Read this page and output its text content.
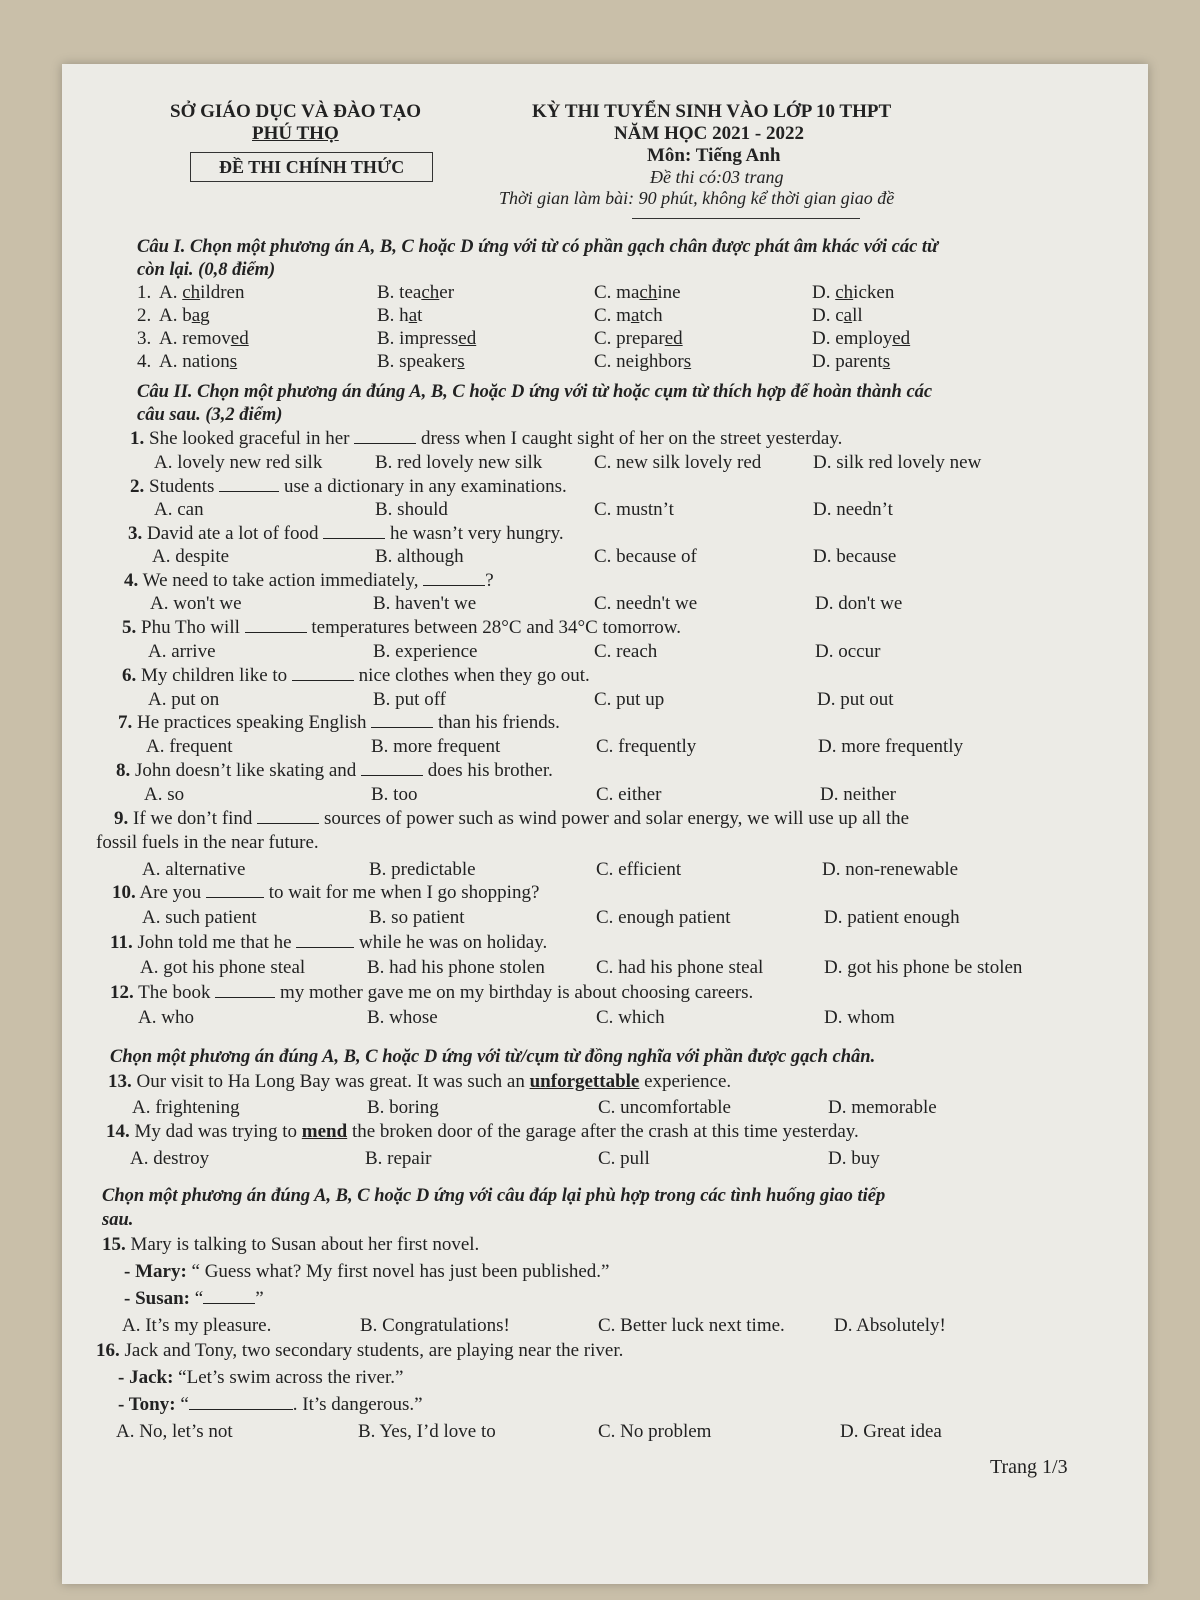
SỞ GIÁO DỤC VÀ ĐÀO TẠO
PHÚ THỌ
ĐỀ THI CHÍNH THỨC
KỲ THI TUYỂN SINH VÀO LỚP 10 THPT
NĂM HỌC 2021 - 2022
Môn: Tiếng Anh
Đề thi có:03 trang
Thời gian làm bài: 90 phút, không kể thời gian giao đề
Câu I. Chọn một phương án A, B, C hoặc D ứng với từ có phần gạch chân được phát âm khác với các từ
còn lại. (0,8 điểm)
1. A. children	B. teacher	C. machine	D. chicken
2. A. bag	B. hat	C. match	D. call
3. A. removed	B. impressed	C. prepared	D. employed
4. A. nations	B. speakers	C. neighbors	D. parents
Câu II. Chọn một phương án đúng A, B, C hoặc D ứng với từ hoặc cụm từ thích hợp để hoàn thành các
câu sau. (3,2 điểm)
1. She looked graceful in her	dress when I caught sight of her on the street yesterday.
A. lovely new red silk	B. red lovely new silk	C. new silk lovely red	D. silk red lovely new
2. Students	use a dictionary in any examinations.
A. can	B. should	C. mustn’t	D. needn’t
3. David ate a lot of food	he wasn’t very hungry.
A. despite	B. although	C. because of	D. because
4. We need to take action immediately,	?
A. won't we	B. haven't we	C. needn't we	D. don't we
5. Phu Tho will	temperatures between 28°C and 34°C tomorrow.
A. arrive	B. experience	C. reach	D. occur
6. My children like to	nice clothes when they go out.
A. put on	B. put off	C. put up	D. put out
7. He practices speaking English	than his friends.
A. frequent	B. more frequent	C. frequently	D. more frequently
8. John doesn’t like skating and	does his brother.
A. so	B. too	C. either	D. neither
9. If we don’t find	sources of power such as wind power and solar energy, we will use up all the
fossil fuels in the near future.
A. alternative	B. predictable	C. efficient	D. non-renewable
10. Are you	to wait for me when I go shopping?
A. such patient	B. so patient	C. enough patient	D. patient enough
11. John told me that he	while he was on holiday.
A. got his phone steal	B. had his phone stolen	C. had his phone steal	D. got his phone be stolen
12. The book	my mother gave me on my birthday is about choosing careers.
A. who	B. whose	C. which	D. whom
Chọn một phương án đúng A, B, C hoặc D ứng với từ/cụm từ đồng nghĩa với phần được gạch chân.
13. Our visit to Ha Long Bay was great. It was such an unforgettable experience.
A. frightening	B. boring	C. uncomfortable	D. memorable
14. My dad was trying to mend the broken door of the garage after the crash at this time yesterday.
A. destroy	B. repair	C. pull	D. buy
Chọn một phương án đúng A, B, C hoặc D ứng với câu đáp lại phù hợp trong các tình huống giao tiếp
sau.
15. Mary is talking to Susan about her first novel.
- Mary: “ Guess what? My first novel has just been published.”
- Susan: “	”
A. It’s my pleasure.	B. Congratulations!	C. Better luck next time.	D. Absolutely!
16. Jack and Tony, two secondary students, are playing near the river.
- Jack: “Let’s swim across the river.”
- Tony: “	. It’s dangerous.”
A. No, let’s not	B. Yes, I’d love to	C. No problem	D. Great idea
Trang 1/3
